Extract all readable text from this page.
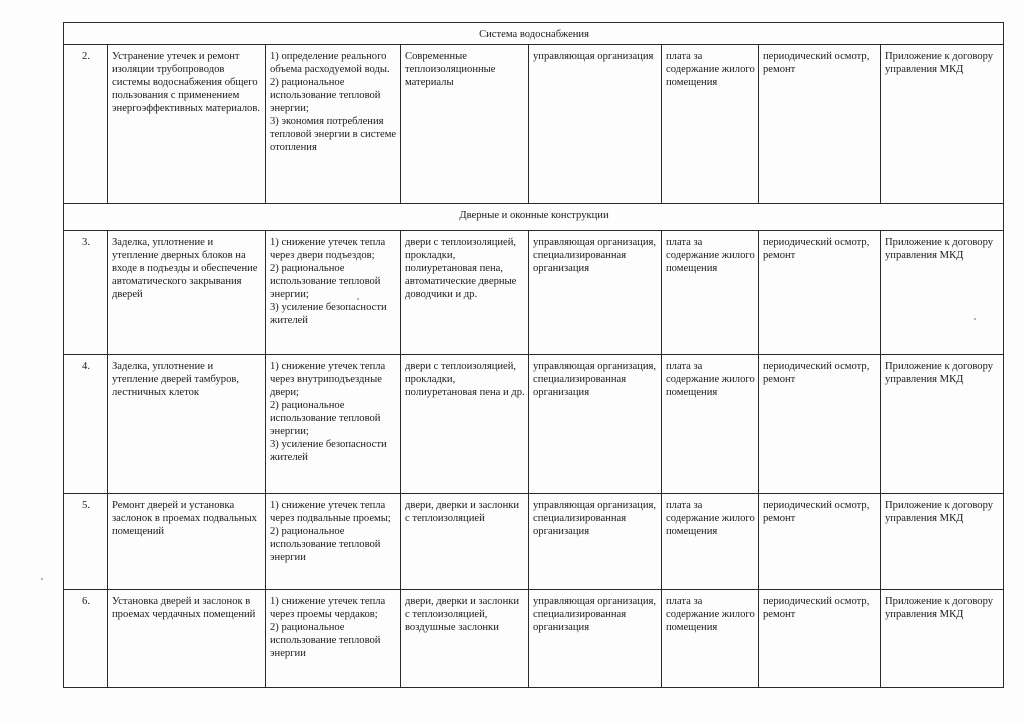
Система водоснабжения							
2.	Устранение утечек и ремонт изоляции трубопроводов системы водоснабжения общего пользования с применением энергоэффективных материалов.	1) определение реального объема расходуемой воды.
2) рациональное использование тепловой энергии;
3) экономия потребления тепловой энергии в системе отопления	Современные теплоизоляционные материалы	управляющая организация	плата за содержание жилого помещения	периодический осмотр, ремонт	Приложение к договору управления МКД

Дверные и оконные конструкции							
3.	Заделка, уплотнение и утепление дверных блоков на входе в подъезды и обеспечение автоматического закрывания дверей	1) снижение утечек тепла через двери подъездов;
2) рациональное использование тепловой энергии;
3) усиление безопасности жителей	двери с теплоизоляцией, прокладки, полиуретановая пена, автоматические дверные доводчики и др.	управляющая организация, специализированная организация	плата за содержание жилого помещения	периодический осмотр, ремонт	Приложение к договору управления МКД

4.	Заделка, уплотнение и утепление дверей тамбуров, лестничных клеток	1) снижение утечек тепла через внутриподъездные двери;
2) рациональное использование тепловой энергии;
3) усиление безопасности жителей	двери с теплоизоляцией, прокладки, полиуретановая пена и др.	управляющая организация, специализированная организация	плата за содержание жилого помещения	периодический осмотр, ремонт	Приложение к договору управления МКД

5.	Ремонт дверей и установка заслонок в проемах подвальных помещений	1) снижение утечек тепла через подвальные проемы;
2) рациональное использование тепловой энергии	двери, дверки и заслонки с теплоизоляцией	управляющая организация, специализированная организация	плата за содержание жилого помещения	периодический осмотр, ремонт	Приложение к договору управления МКД

6.	Установка дверей и заслонок в проемах чердачных помещений	1) снижение утечек тепла через проемы чердаков;
2) рациональное использование тепловой энергии	двери, дверки и заслонки с теплоизоляцией, воздушные заслонки	управляющая организация, специализированная организация	плата за содержание жилого помещения	периодический осмотр, ремонт	Приложение к договору управления МКД
